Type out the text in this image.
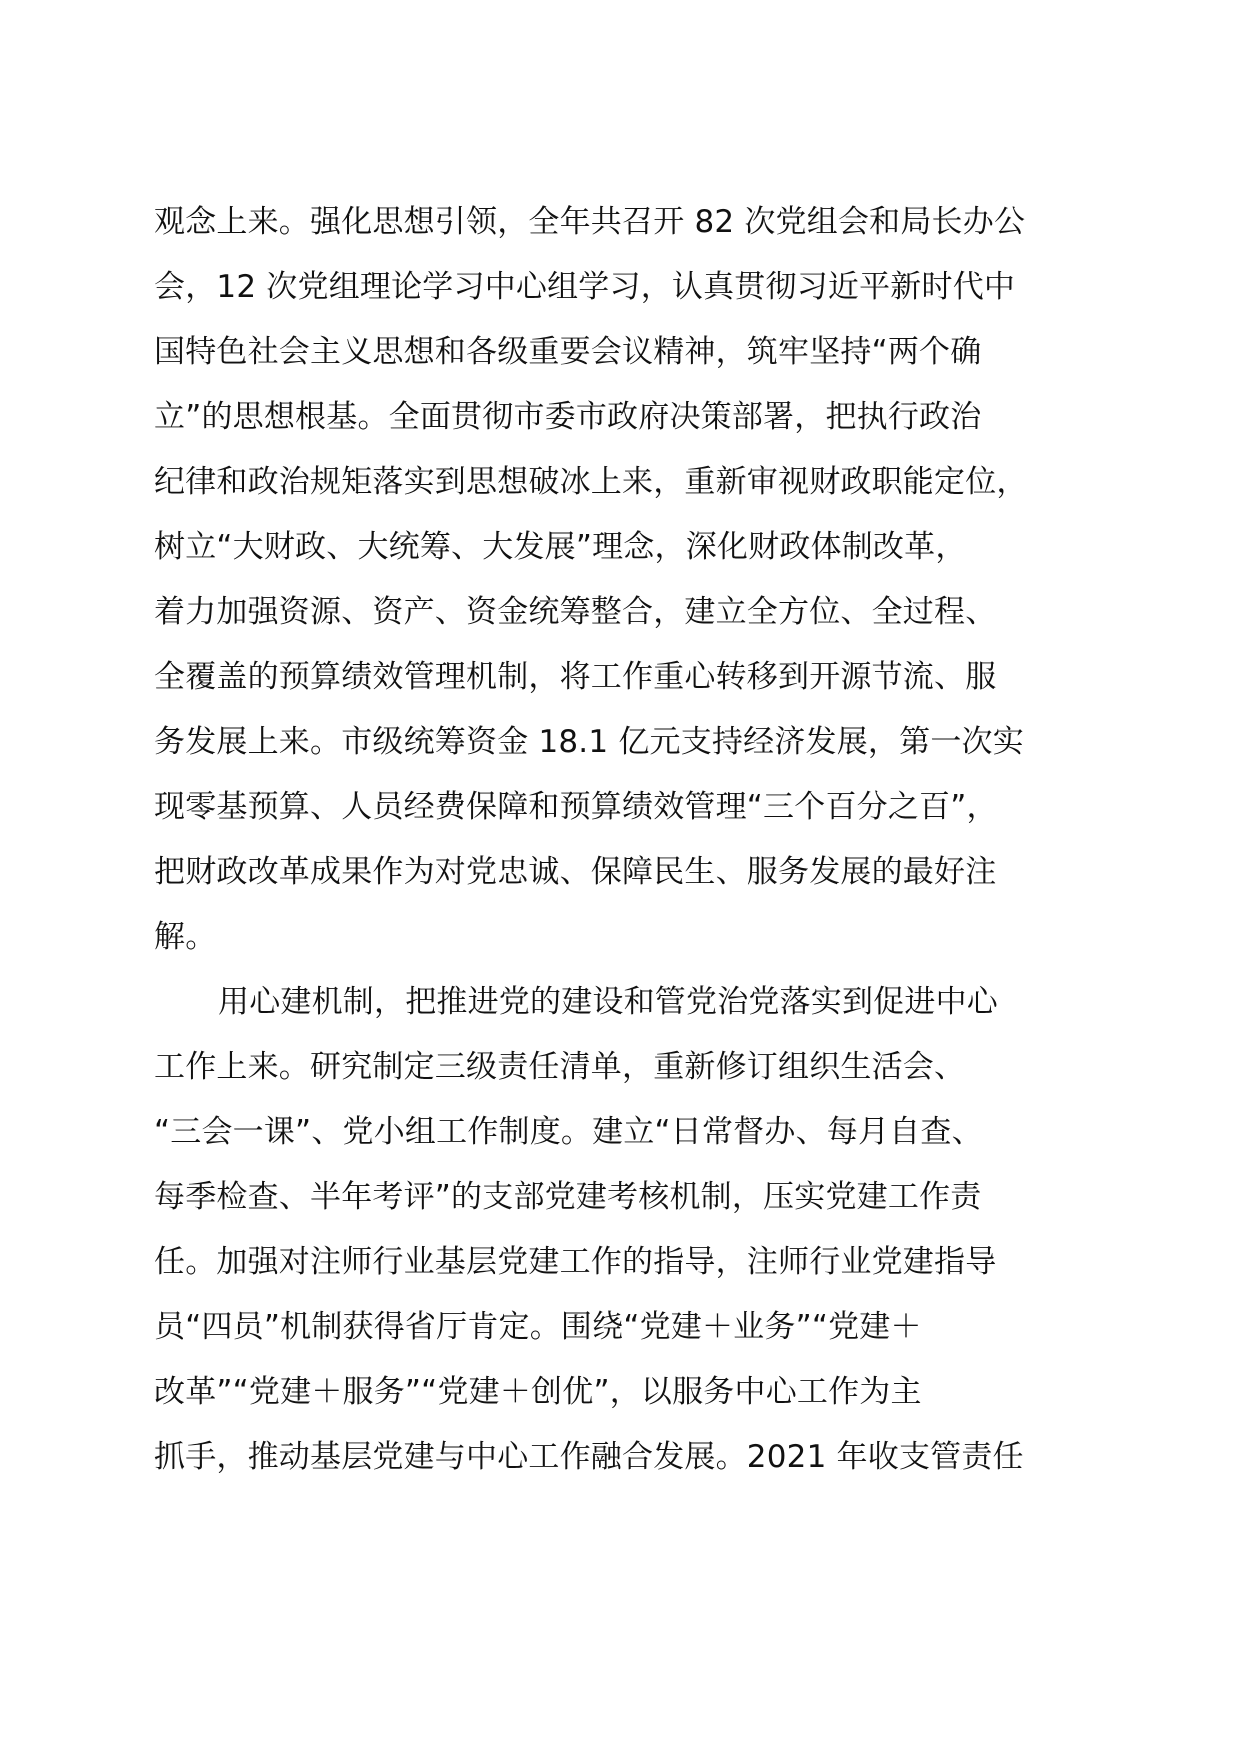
观念上来。强化思想引领，全年共召开 82 次党组会和局长办公
会，12 次党组理论学习中心组学习，认真贯彻习近平新时代中
国特色社会主义思想和各级重要会议精神，筑牢坚持“两个确
立”的思想根基。全面贯彻市委市政府决策部署，把执行政治
纪律和政治规矩落实到思想破冰上来，重新审视财政职能定位，
树立“大财政、大统筹、大发展”理念，深化财政体制改革，
着力加强资源、资产、资金统筹整合，建立全方位、全过程、
全覆盖的预算绩效管理机制，将工作重心转移到开源节流、服
务发展上来。市级统筹资金 18.1 亿元支持经济发展，第一次实
现零基预算、人员经费保障和预算绩效管理“三个百分之百”，
把财政改革成果作为对党忠诚、保障民生、服务发展的最好注
解。
用心建机制，把推进党的建设和管党治党落实到促进中心
工作上来。研究制定三级责任清单，重新修订组织生活会、
“三会一课”、党小组工作制度。建立“日常督办、每月自查、
每季检查、半年考评”的支部党建考核机制，压实党建工作责
任。加强对注师行业基层党建工作的指导，注师行业党建指导
员“四员”机制获得省厅肯定。围绕“党建＋业务”“党建＋
改革”“党建＋服务”“党建＋创优”，以服务中心工作为主
抓手，推动基层党建与中心工作融合发展。2021 年收支管责任
